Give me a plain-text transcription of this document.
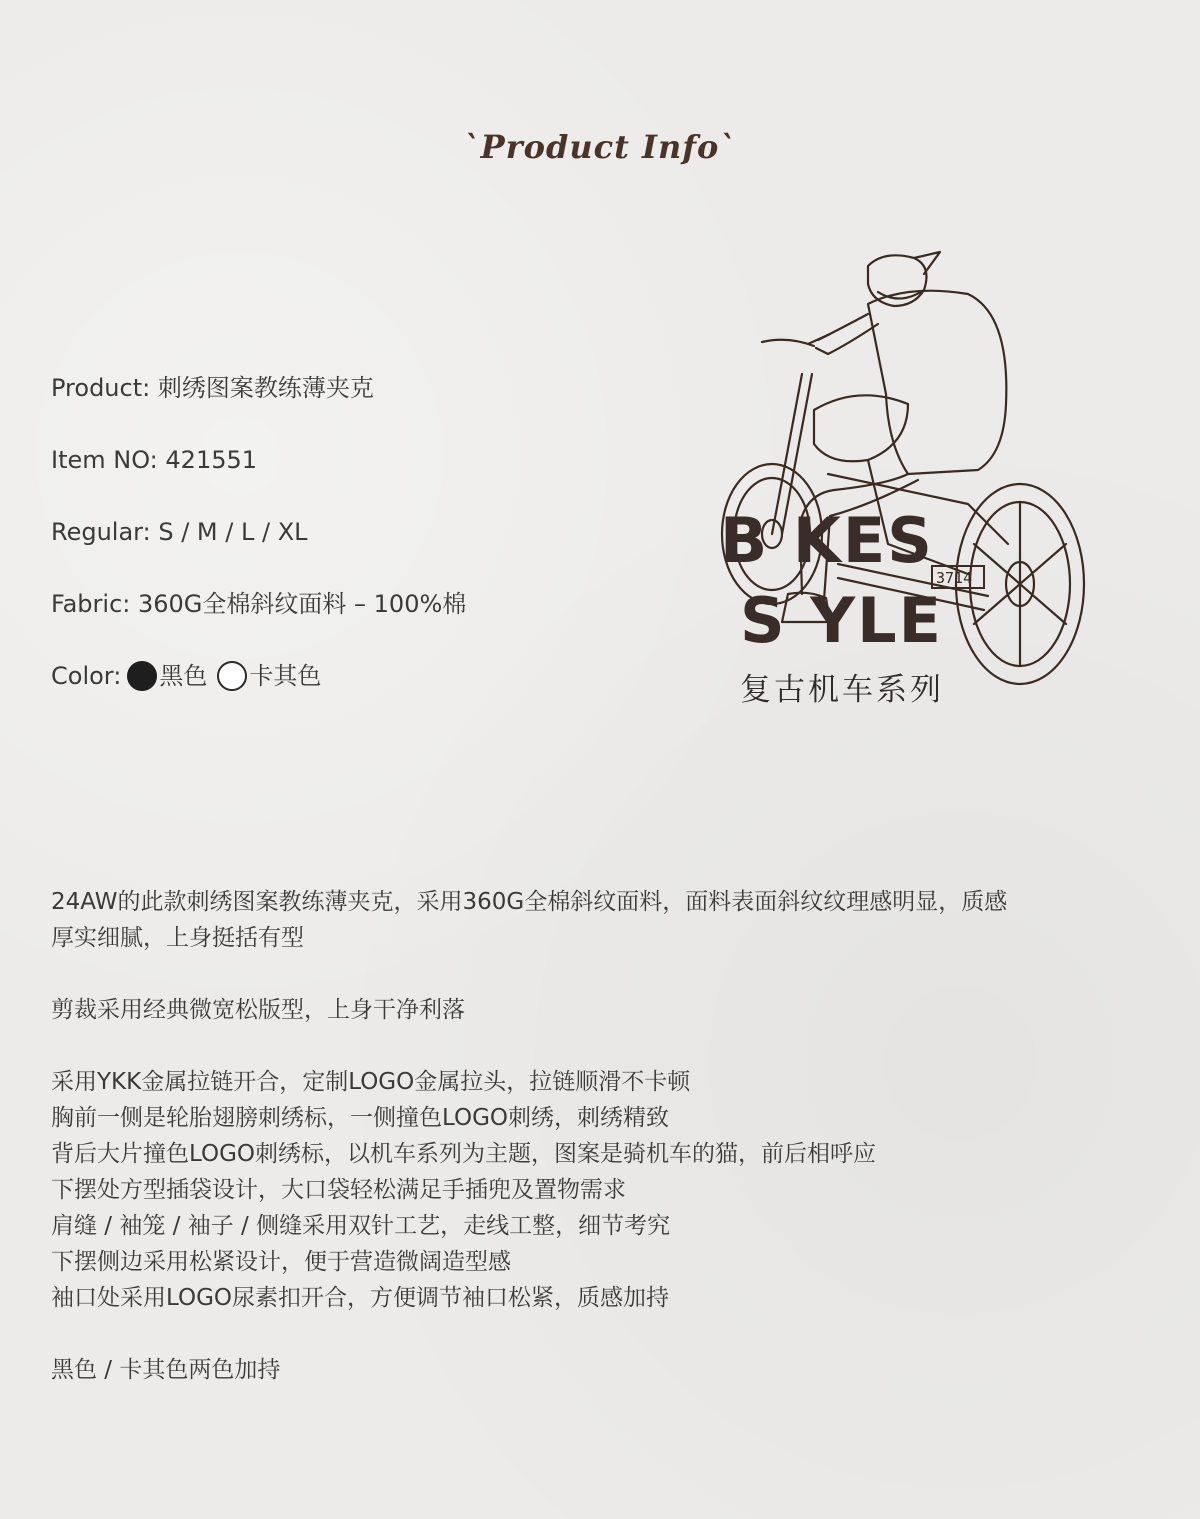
`Product Info`
Product: 刺绣图案教练薄夹克
Item NO: 421551
Regular: S / M / L / XL
Fabric: 360G全棉斜纹面料 – 100%棉
Color: 黑色 卡其色
3714
B KES
S YLE
复古机车系列

24AW的此款刺绣图案教练薄夹克，采用360G全棉斜纹面料，面料表面斜纹纹理感明显，质感
厚实细腻，上身挺括有型

剪裁采用经典微宽松版型，上身干净利落

采用YKK金属拉链开合，定制LOGO金属拉头，拉链顺滑不卡顿
胸前一侧是轮胎翅膀刺绣标，一侧撞色LOGO刺绣，刺绣精致
背后大片撞色LOGO刺绣标，以机车系列为主题，图案是骑机车的猫，前后相呼应
下摆处方型插袋设计，大口袋轻松满足手插兜及置物需求
肩缝 / 袖笼 / 袖子 / 侧缝采用双针工艺，走线工整，细节考究
下摆侧边采用松紧设计，便于营造微阔造型感
袖口处采用LOGO尿素扣开合，方便调节袖口松紧，质感加持

黑色 / 卡其色两色加持
